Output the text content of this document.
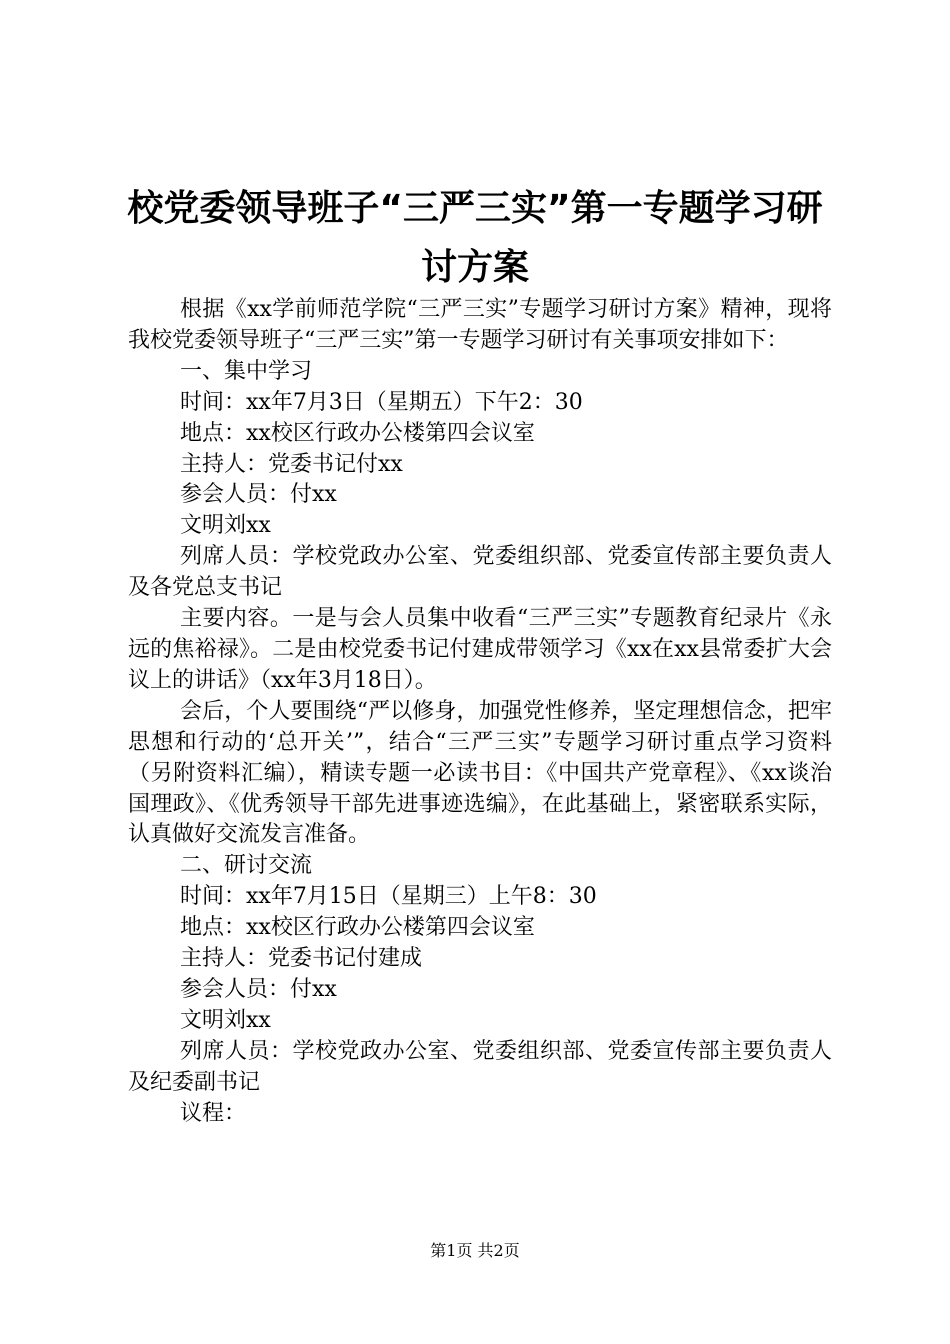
校党委领导班子“三严三实”第一专题学习研
讨方案

根据《xx学前师范学院“三严三实”专题学习研讨方案》精神，现将我校党委领导班子“三严三实”第一专题学习研讨有关事项安排如下：

一、集中学习

时间：xx年7月3日（星期五）下午2：30

地点：xx校区行政办公楼第四会议室

主持人：党委书记付xx

参会人员：付xx

文明刘xx

列席人员：学校党政办公室、党委组织部、党委宣传部主要负责人及各党总支书记

主要内容。一是与会人员集中收看“三严三实”专题教育纪录片《永远的焦裕禄》。二是由校党委书记付建成带领学习《xx在xx县常委扩大会议上的讲话》（xx年3月18日）。

会后，个人要围绕“严以修身，加强党性修养，坚定理想信念，把牢思想和行动的‘总开关’”，结合“三严三实”专题学习研讨重点学习资料（另附资料汇编），精读专题一必读书目：《中国共产党章程》、《xx谈治国理政》、《优秀领导干部先进事迹选编》，在此基础上，紧密联系实际，认真做好交流发言准备。

二、研讨交流

时间：xx年7月15日（星期三）上午8：30

地点：xx校区行政办公楼第四会议室

主持人：党委书记付建成

参会人员：付xx

文明刘xx

列席人员：学校党政办公室、党委组织部、党委宣传部主要负责人及纪委副书记

议程：

第1页 共2页
